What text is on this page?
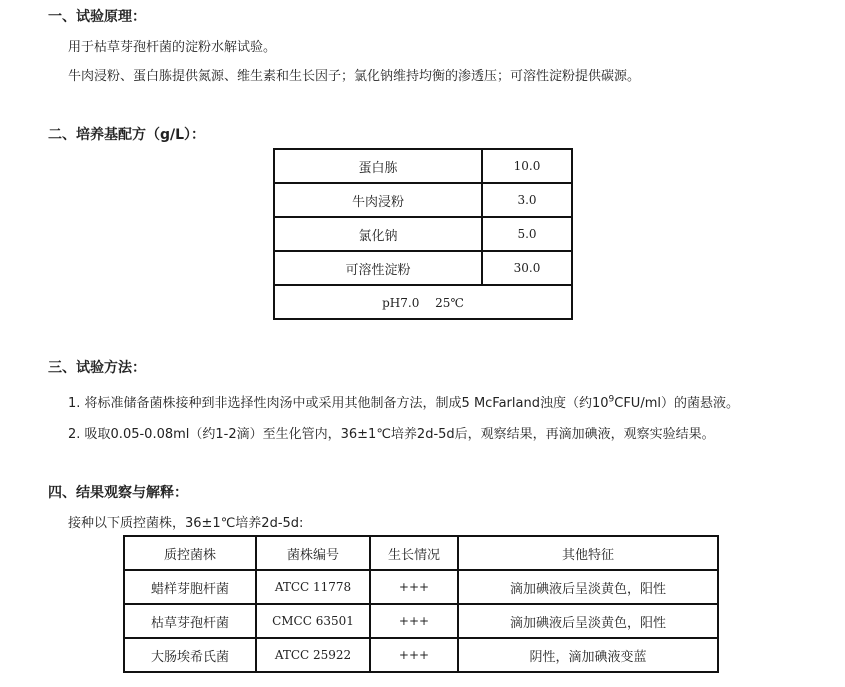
一、试验原理：
用于枯草芽孢杆菌的淀粉水解试验。
牛肉浸粉、蛋白胨提供氮源、维生素和生长因子；氯化钠维持均衡的渗透压；可溶性淀粉提供碳源。
二、培养基配方（g/L）：
蛋白胨	10.0
牛肉浸粉	3.0
氯化钠	5.0
可溶性淀粉	30.0
pH7.0　 25℃	
三、试验方法：
1. 将标准储备菌株接种到非选择性肉汤中或采用其他制备方法，制成5 McFarland浊度（约$10^9CFU/ml$）的菌悬液。
2. 吸取0.05-0.08ml（约1-2滴）至生化管内，36±1℃培养2d-5d后，观察结果，再滴加碘液，观察实验结果。
四、结果观察与解释：
接种以下质控菌株，36±1℃培养2d-5d:
质控菌株	菌株编号	生长情况	其他特征
蜡样芽胞杆菌	ATCC 11778	+++	滴加碘液后呈淡黄色，阳性
枯草芽孢杆菌	CMCC 63501	+++	滴加碘液后呈淡黄色，阳性
大肠埃希氏菌	ATCC 25922	+++	阴性，滴加碘液变蓝
